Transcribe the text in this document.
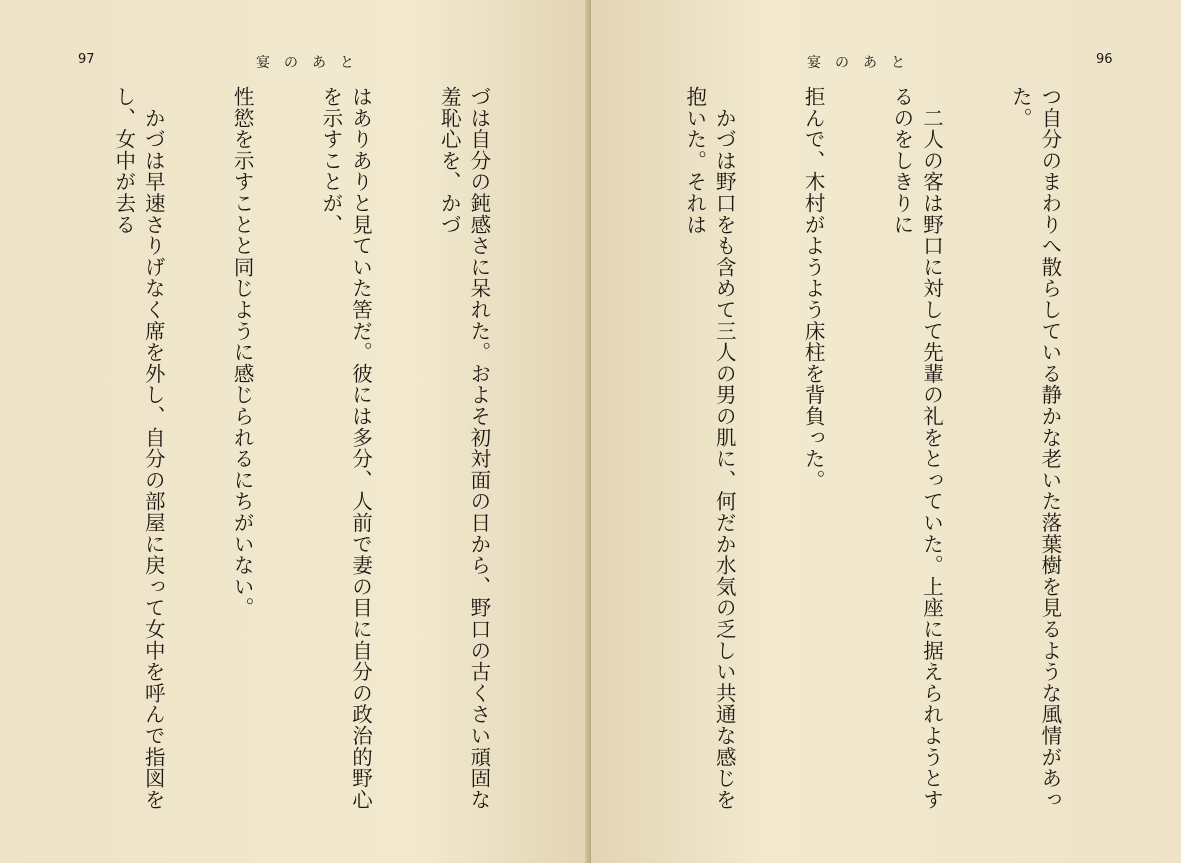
97	宴のあと

づは自分の鈍感さに呆れた。およそ初対面の日から、野口の古くさい頑固な羞恥心を、かづ

はありありと見ていた筈だ。彼には多分、人前で妻の目に自分の政治的野心を示すことが、

性慾を示すことと同じように感じられるにちがいない。

　かづは早速さりげなく席を外し、自分の部屋に戻って女中を呼んで指図をし、女中が去る

96
宴のあと

つ自分のまわりへ散らしている静かな老いた落葉樹を見るような風情があった。

　二人の客は野口に対して先輩の礼をとっていた。上座に据えられようとするのをしきりに

拒んで、木村がようよう床柱を背負った。

　かづは野口をも含めて三人の男の肌に、何だか水気の乏しい共通な感じを抱いた。それは
